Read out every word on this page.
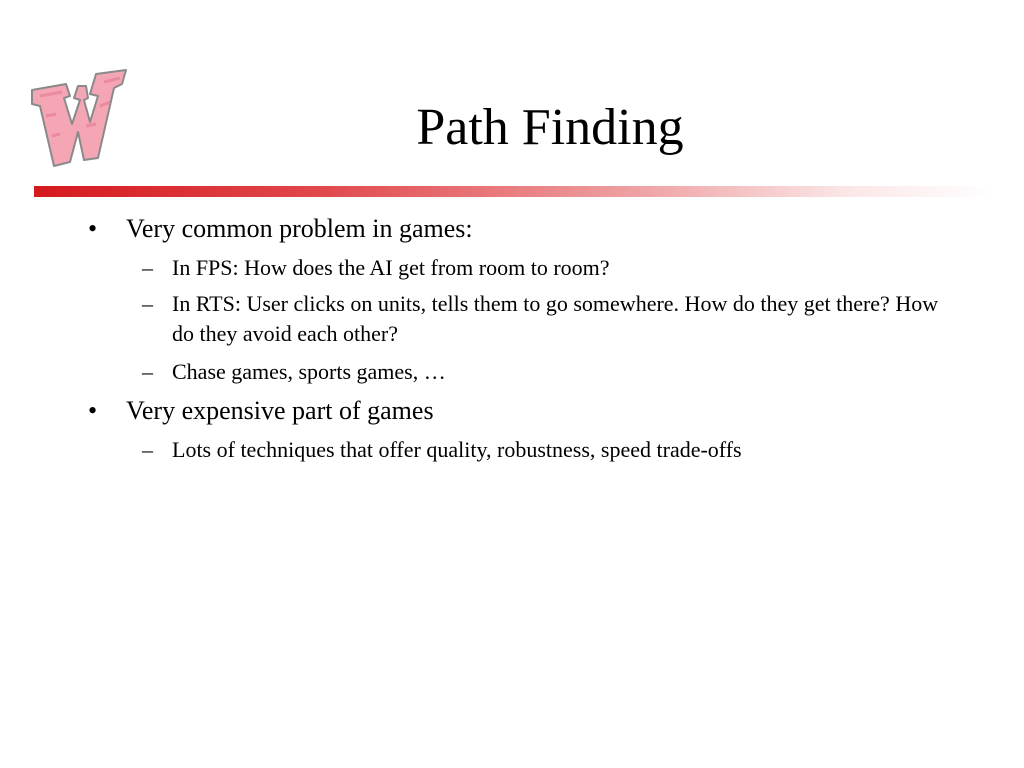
Path Finding
• Very common problem in games:
– In FPS: How does the AI get from room to room?
– In RTS: User clicks on units, tells them to go somewhere. How do they get there? How do they avoid each other?
– Chase games, sports games, …
• Very expensive part of games
– Lots of techniques that offer quality, robustness, speed trade-offs
